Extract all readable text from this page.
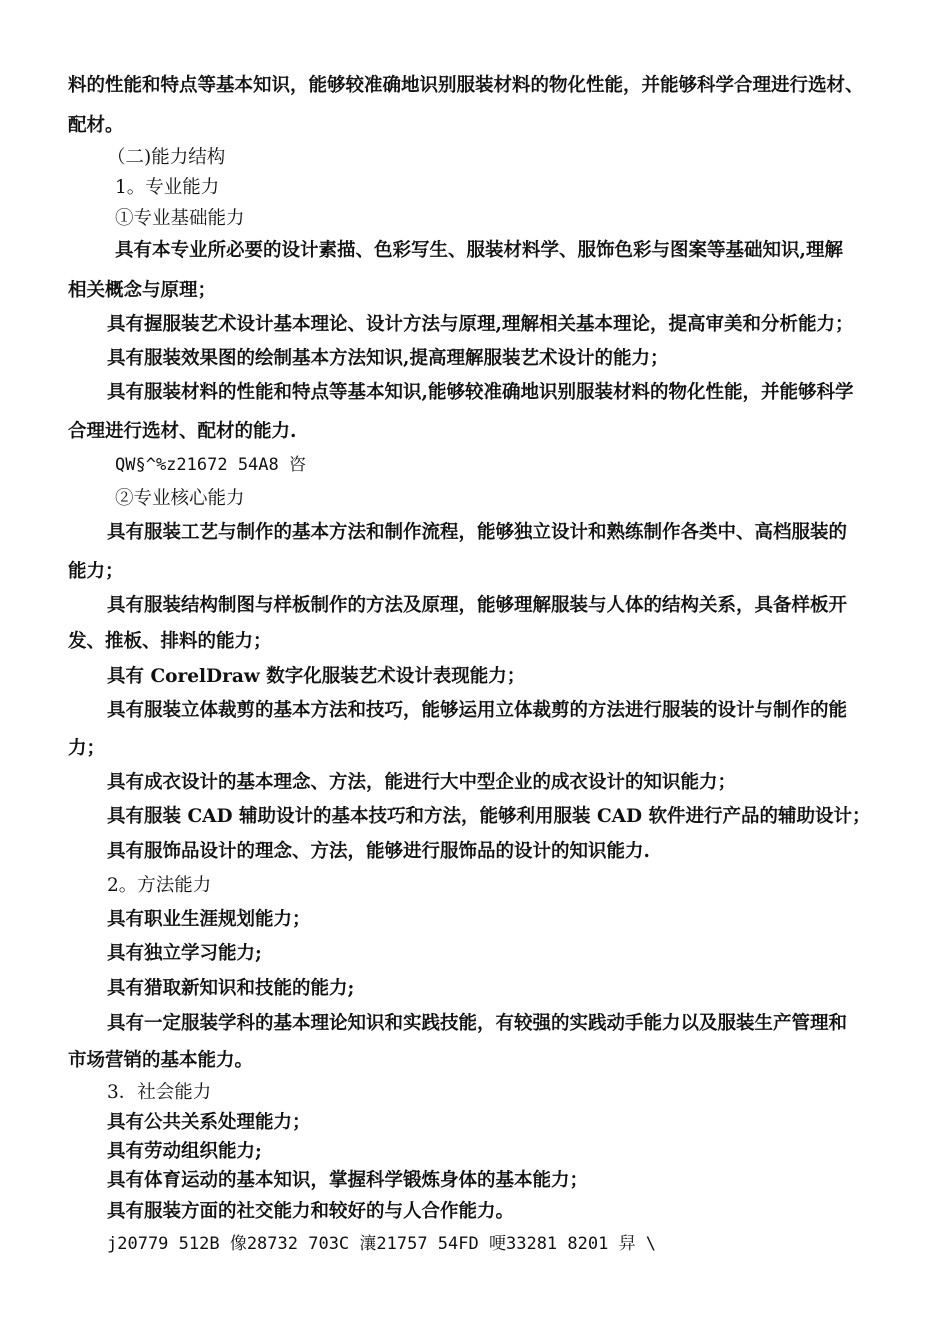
料的性能和特点等基本知识，能够较准确地识别服装材料的物化性能，并能够科学合理进行选材、
配材。
（二)能力结构
1。专业能力
①专业基础能力
具有本专业所必要的设计素描、色彩写生、服装材料学、服饰色彩与图案等基础知识,理解
相关概念与原理；
具有握服装艺术设计基本理论、设计方法与原理,理解相关基本理论，提高审美和分析能力；
具有服装效果图的绘制基本方法知识,提高理解服装艺术设计的能力；
具有服装材料的性能和特点等基本知识,能够较准确地识别服装材料的物化性能，并能够科学
合理进行选材、配材的能力.
QW§^%z21672 54A8 咨
②专业核心能力
具有服装工艺与制作的基本方法和制作流程，能够独立设计和熟练制作各类中、高档服装的
能力；
具有服装结构制图与样板制作的方法及原理，能够理解服装与人体的结构关系，具备样板开
发、推板、排料的能力；
具有 CorelDraw 数字化服装艺术设计表现能力；
具有服装立体裁剪的基本方法和技巧，能够运用立体裁剪的方法进行服装的设计与制作的能
力；
具有成衣设计的基本理念、方法，能进行大中型企业的成衣设计的知识能力；
具有服装 CAD 辅助设计的基本技巧和方法，能够利用服装 CAD 软件进行产品的辅助设计；
具有服饰品设计的理念、方法，能够进行服饰品的设计的知识能力.
2。方法能力
具有职业生涯规划能力；
具有独立学习能力;
具有猎取新知识和技能的能力;
具有一定服装学科的基本理论知识和实践技能，有较强的实践动手能力以及服装生产管理和
市场营销的基本能力。
3．社会能力
具有公共关系处理能力；
具有劳动组织能力;
具有体育运动的基本知识，掌握科学锻炼身体的基本能力；
具有服装方面的社交能力和较好的与人合作能力。
j20779 512B 像28732 703C 瀼21757 54FD 哽33281 8201 舁 \
